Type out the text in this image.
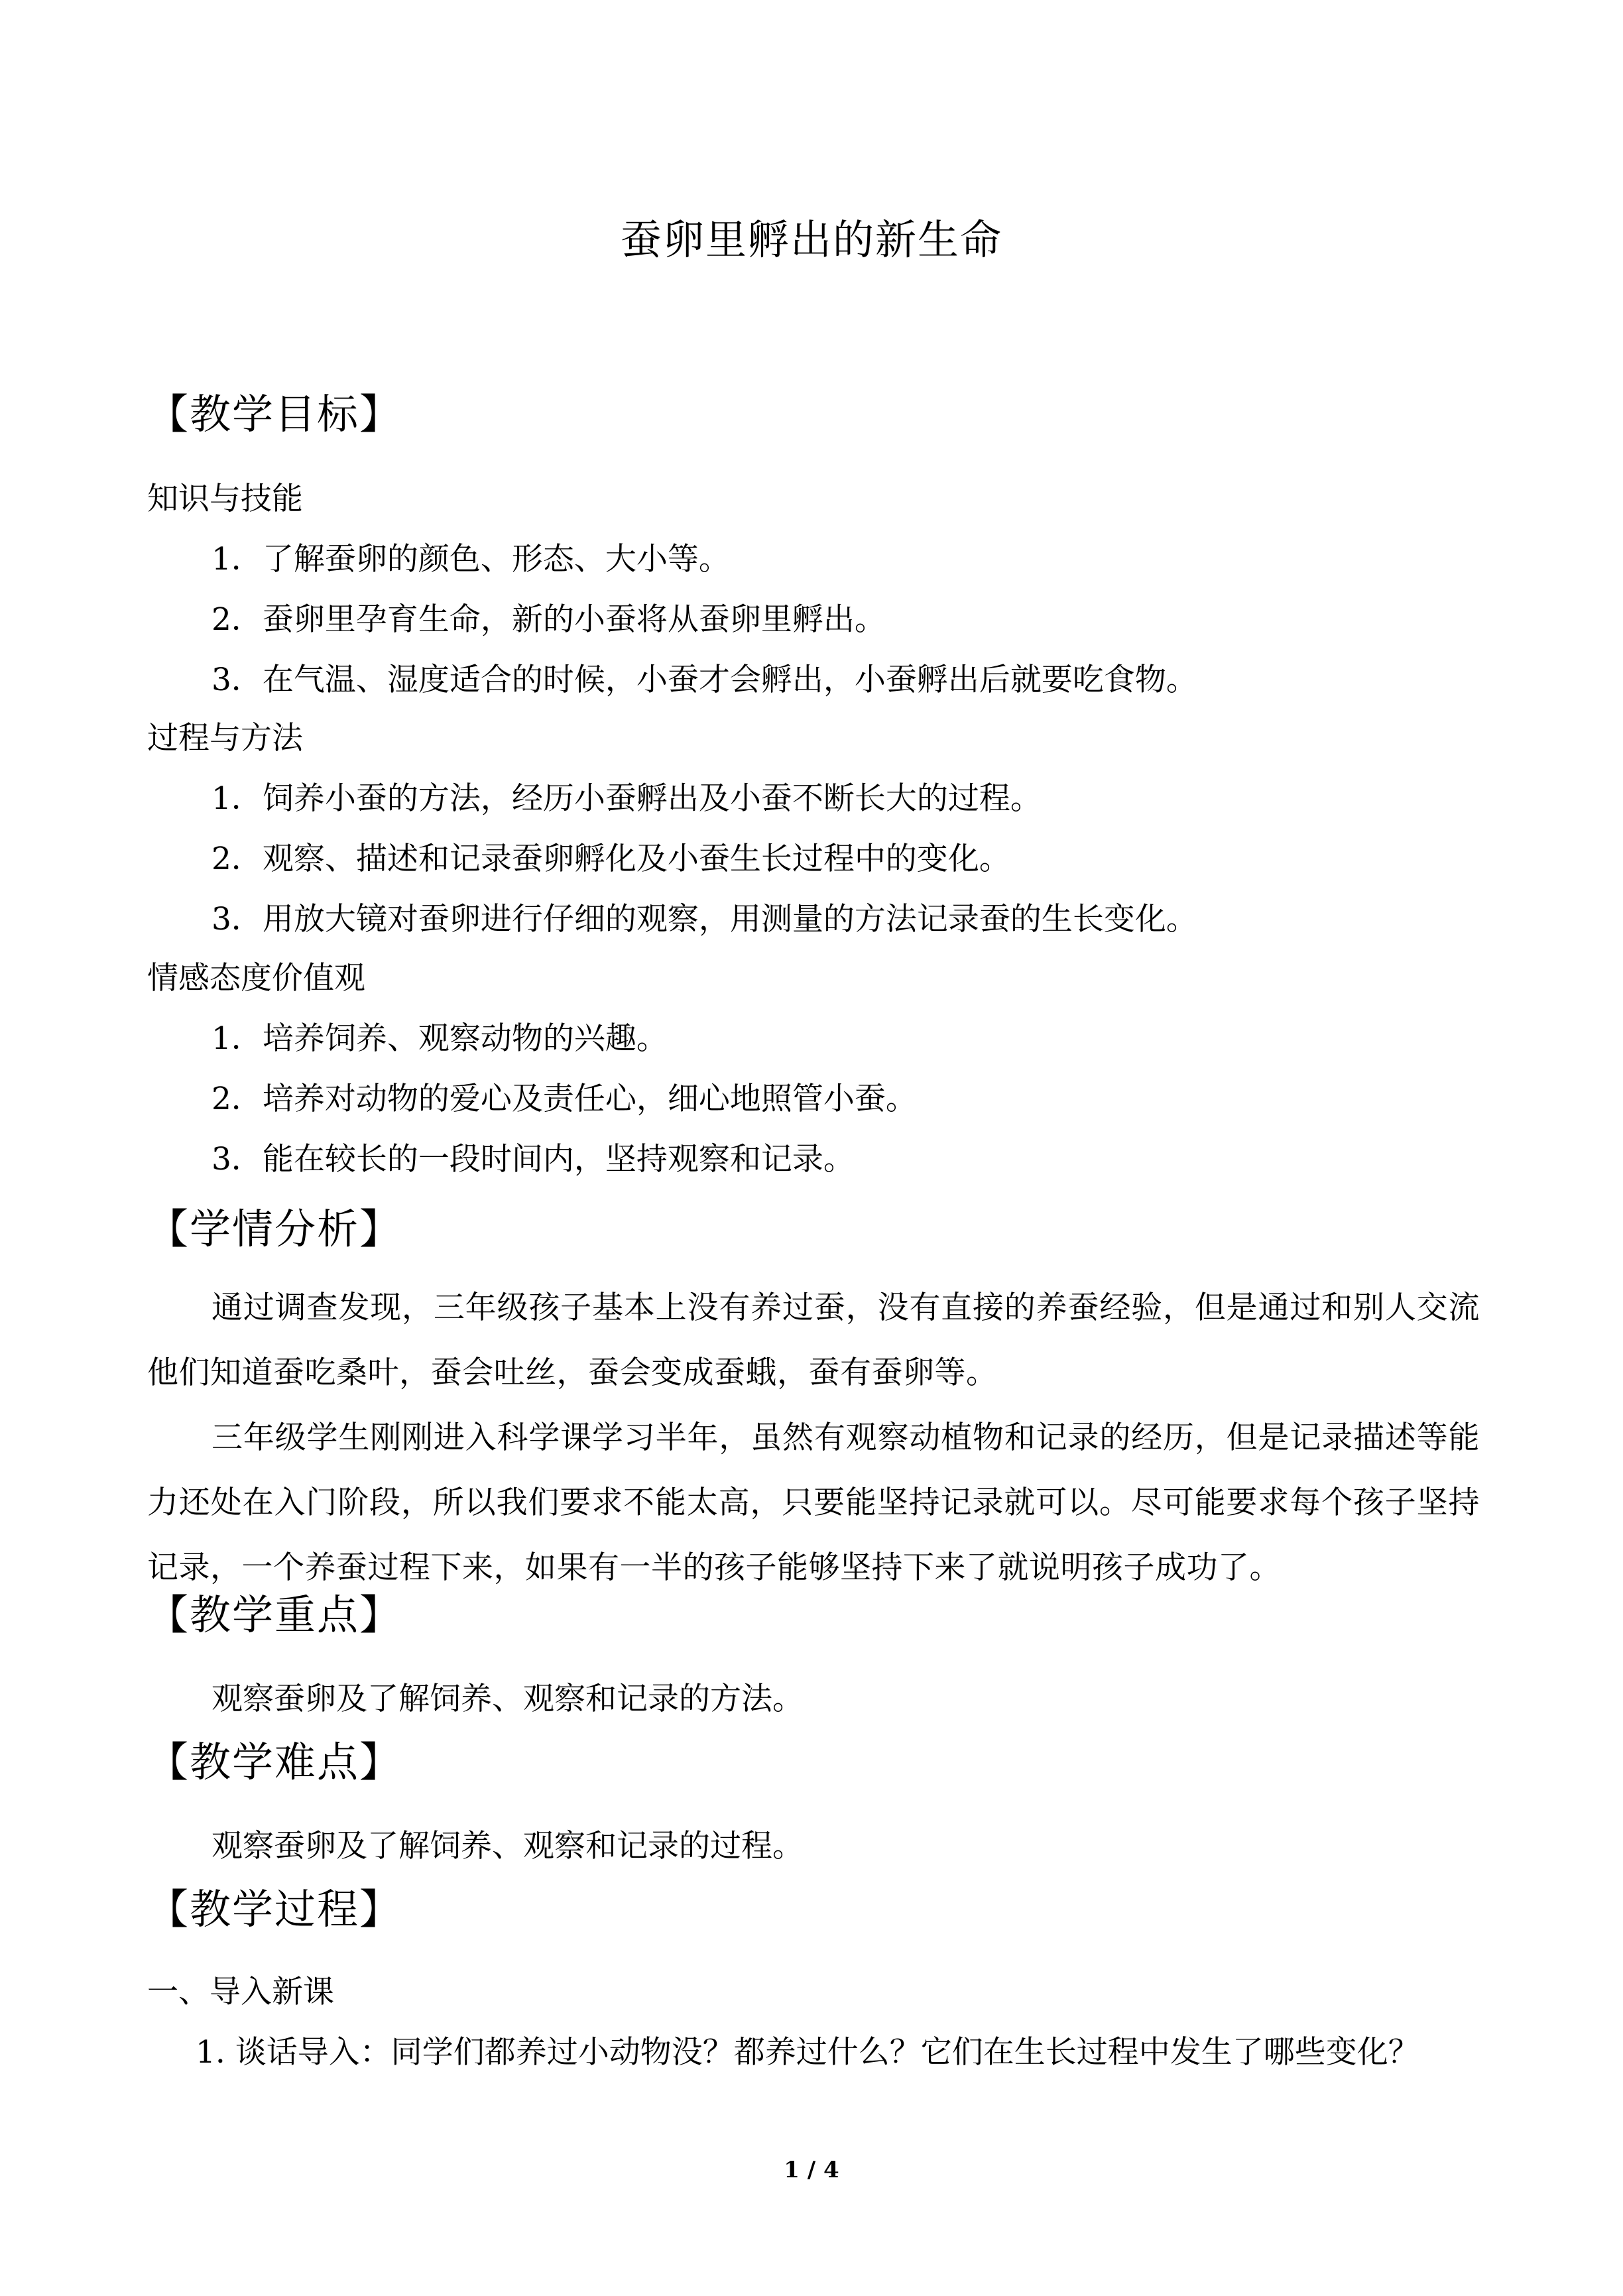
蚕卵里孵出的新生命
【教学目标】
知识与技能
1．了解蚕卵的颜色、形态、大小等。
2．蚕卵里孕育生命，新的小蚕将从蚕卵里孵出。
3．在气温、湿度适合的时候，小蚕才会孵出，小蚕孵出后就要吃食物。
过程与方法
1．饲养小蚕的方法，经历小蚕孵出及小蚕不断长大的过程。
2．观察、描述和记录蚕卵孵化及小蚕生长过程中的变化。
3．用放大镜对蚕卵进行仔细的观察，用测量的方法记录蚕的生长变化。
情感态度价值观
1．培养饲养、观察动物的兴趣。
2．培养对动物的爱心及责任心，细心地照管小蚕。
3．能在较长的一段时间内，坚持观察和记录。
【学情分析】
通过调查发现，三年级孩子基本上没有养过蚕，没有直接的养蚕经验，但是通过和别人交流他们知道蚕吃桑叶，蚕会吐丝，蚕会变成蚕蛾，蚕有蚕卵等。
三年级学生刚刚进入科学课学习半年，虽然有观察动植物和记录的经历，但是记录描述等能力还处在入门阶段，所以我们要求不能太高，只要能坚持记录就可以。尽可能要求每个孩子坚持记录，一个养蚕过程下来，如果有一半的孩子能够坚持下来了就说明孩子成功了。
【教学重点】
观察蚕卵及了解饲养、观察和记录的方法。
【教学难点】
观察蚕卵及了解饲养、观察和记录的过程。
【教学过程】
一、导入新课
1. 谈话导入：同学们都养过小动物没？都养过什么？它们在生长过程中发生了哪些变化？
1 / 4
